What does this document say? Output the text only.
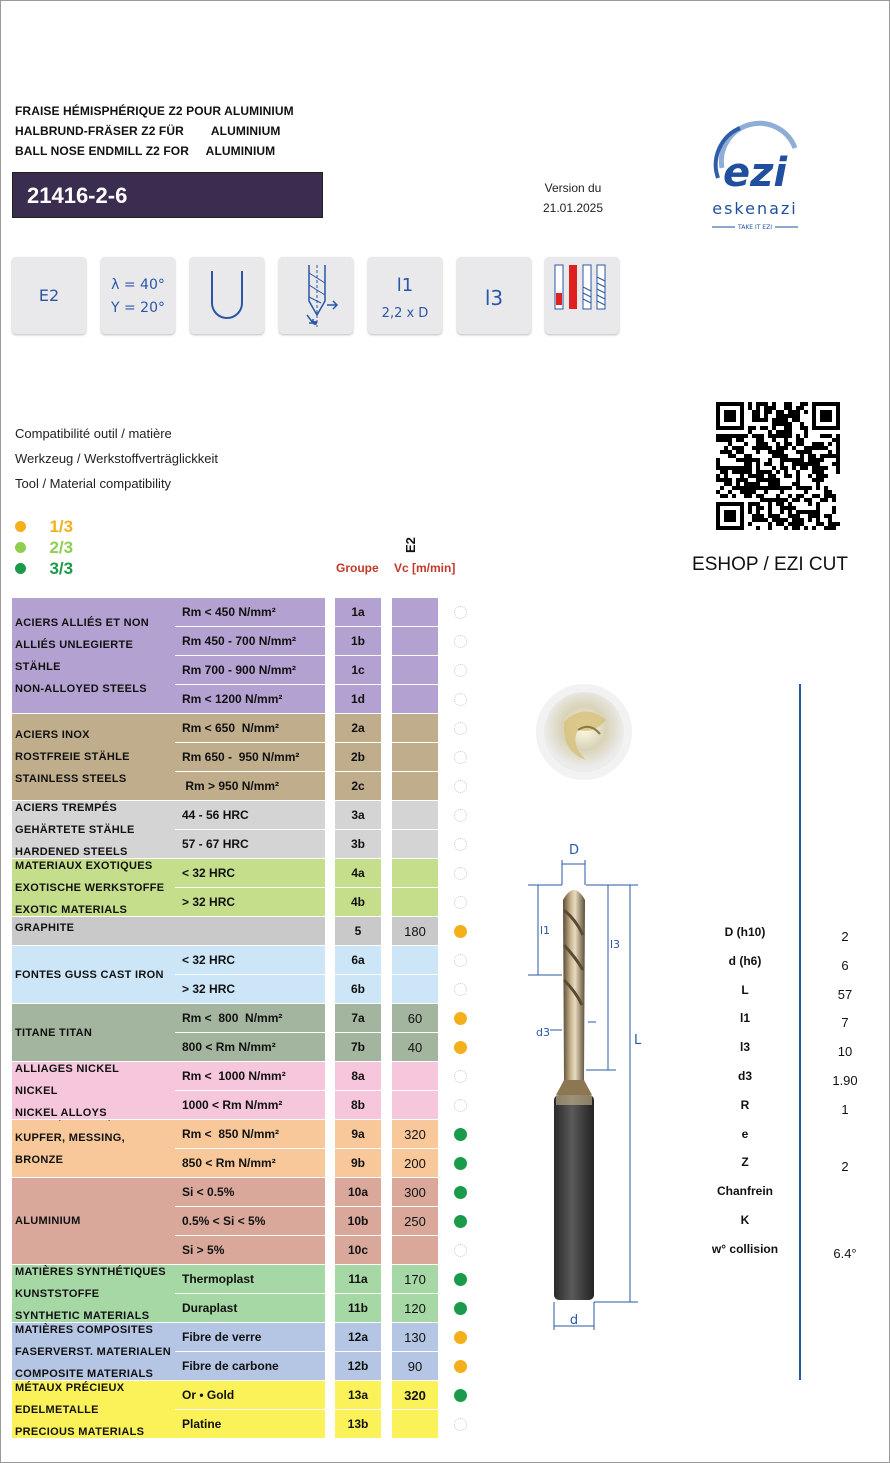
FRAISE HÉMISPHÉRIQUE Z2 POUR ALUMINIUM
HALBRUND-FRÄSER Z2 FÜR        ALUMINIUM
BALL NOSE ENDMILL Z2 FOR     ALUMINIUM
21416-2-6	Version du
21.01.2025
ezi
eskenazi
TAKE IT EZI
E2
λ = 40°
Y = 20°
l1
2,2 x D
l3
Compatibilité outil / matière
Werkzeug / Werkstoffverträglickkeit
Tool / Material compatibility
1/3
2/3
3/3	ESHOP / EZI CUT
Groupe Vc [m/min]
E2
ACIERS ALLIÉS ET NON
ALLIÉS UNLEGIERTE STÄHLE
NON-ALLOYED STEELS
Rm < 450 N/mm²	1a
Rm 450 - 700 N/mm²	1b
Rm 700 - 900 N/mm²	1c
Rm < 1200 N/mm²	1d
ACIERS INOX
ROSTFREIE STÄHLE
STAINLESS STEELS
Rm < 650  N/mm²	2a
Rm 650 -  950 N/mm²	2b
Rm > 950 N/mm²	2c
ACIERS TREMPÉS
GEHÄRTETE STÄHLE
HARDENED STEELS
44 - 56 HRC	3a
57 - 67 HRC	3b
MATERIAUX EXOTIQUES
EXOTISCHE WERKSTOFFE
EXOTIC MATERIALS
< 32 HRC	4a
> 32 HRC	4b
GRAPHITE	5	180
FONTES GUSS CAST IRON
< 32 HRC	6a
> 32 HRC	6b
TITANE TITAN
Rm <  800  N/mm²	7a	60
800 < Rm N/mm²	7b	40
ALLIAGES NICKEL
NICKEL
NICKEL ALLOYS
Rm <  1000 N/mm²	8a
1000 < Rm N/mm²	8b
KUPFER, MESSING, BRONZE
Rm <  850 N/mm²	9a	320
850 < Rm N/mm²	9b	200
ALUMINIUM
Si < 0.5%	10a	300
0.5% < Si < 5%	10b	250
Si > 5%	10c
MATIÈRES SYNTHÉTIQUES
KUNSTSTOFFE
SYNTHETIC MATERIALS
Thermoplast	11a	170
Duraplast	11b	120
MATIÈRES COMPOSITES
FASERVERST. MATERIALEN
COMPOSITE MATERIALS
Fibre de verre	12a	130
Fibre de carbone	12b	90
MÉTAUX PRÉCIEUX
EDELMETALLE
PRECIOUS MATERIALS
Or • Gold	13a	320
Platine	13b
D
l1
l3
L
d3
d
D (h10)	2
d (h6)	6
L	57
l1	7
l3	10
d3	1.90
R	1
e
Z	2
Chanfrein
K
w° collision	6.4°
